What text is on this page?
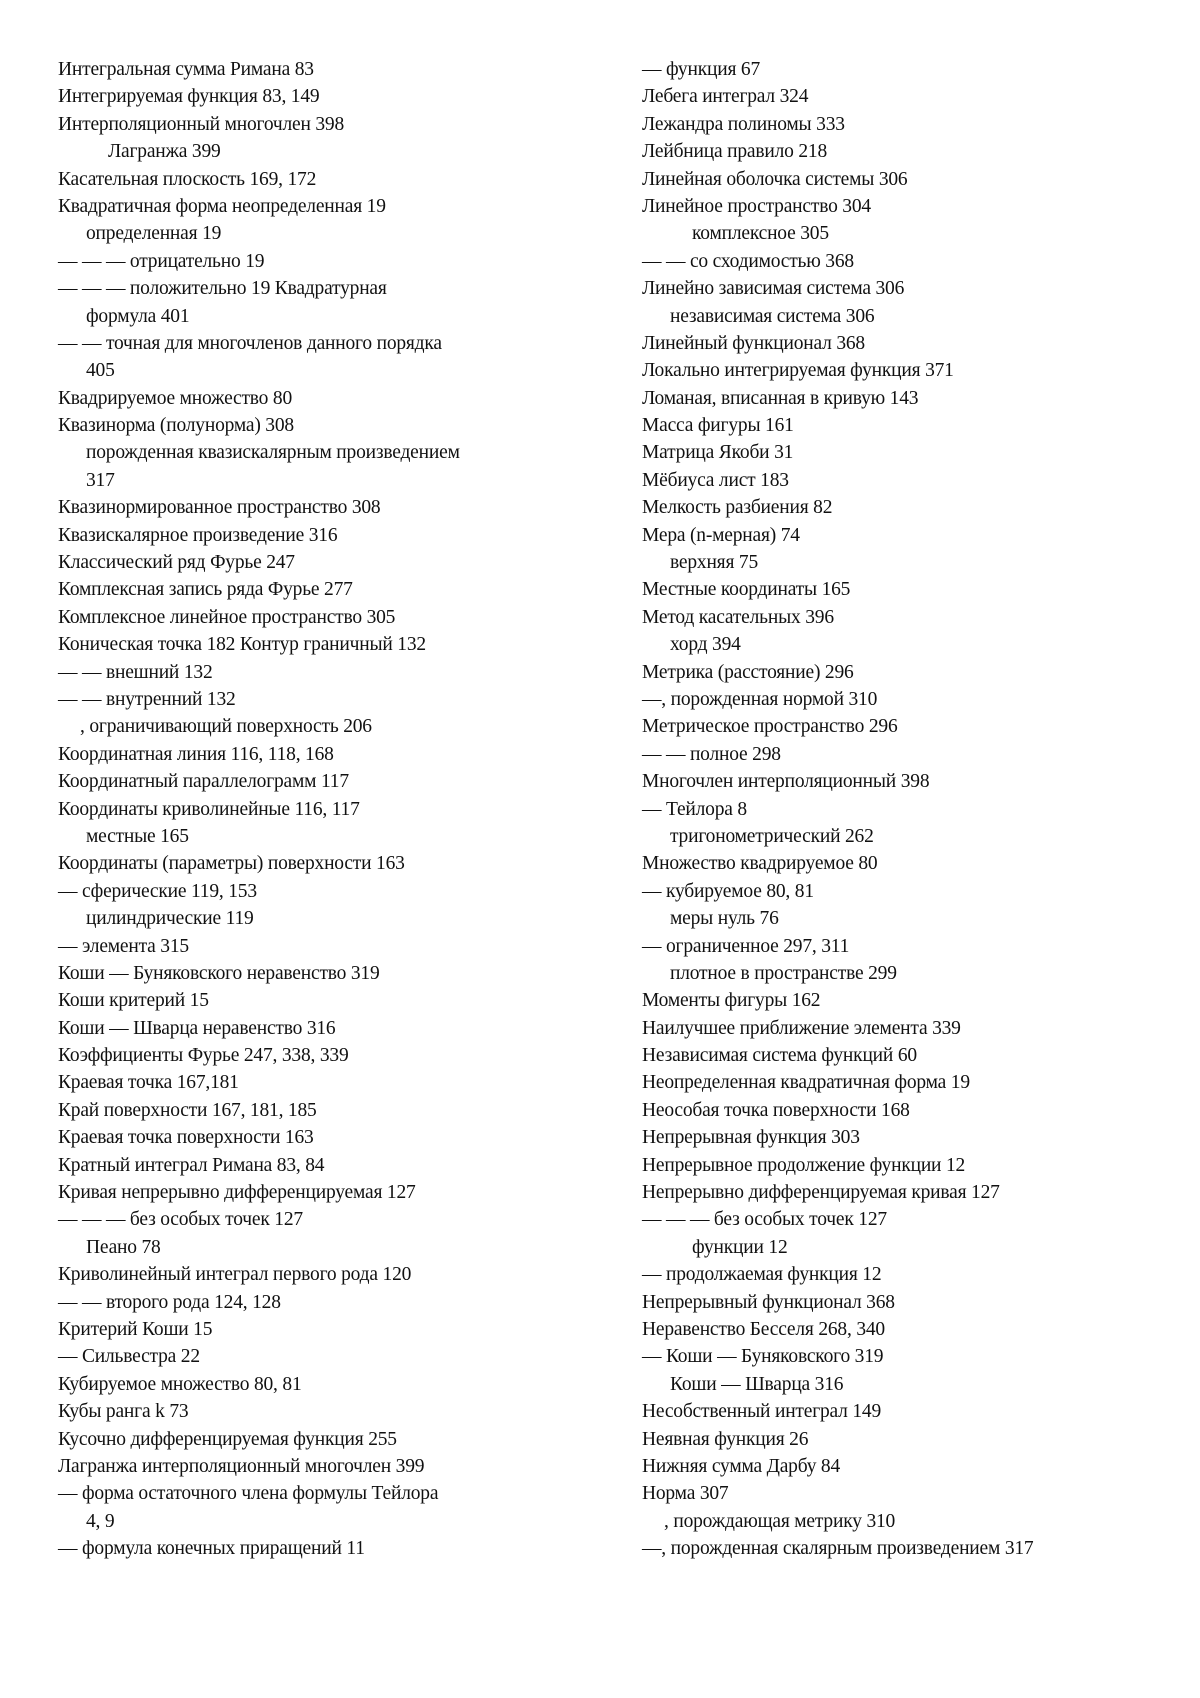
Интегральная сумма Римана 83
Интегрируемая функция 83, 149
Интерполяционный многочлен 398
Лагранжа 399
Касательная плоскость 169, 172
Квадратичная форма неопределенная 19
определенная 19
— — — отрицательно 19
— — — положительно 19 Квадратурная
формула 401
— — точная для многочленов данного порядка
405
Квадрируемое множество 80
Квазинорма (полунорма) 308
порожденная квазискалярным произведением
317
Квазинормированное пространство 308
Квазискалярное произведение 316
Классический ряд Фурье 247
Комплексная запись ряда Фурье 277
Комплексное линейное пространство 305
Коническая точка 182 Контур граничный 132
— — внешний 132
— — внутренний 132
, ограничивающий поверхность 206
Координатная линия 116, 118, 168
Координатный параллелограмм 117
Координаты криволинейные 116, 117
местные 165
Координаты (параметры) поверхности 163
— сферические 119, 153
цилиндрические 119
— элемента 315
Коши — Буняковского неравенство 319
Коши критерий 15
Коши — Шварца неравенство 316
Коэффициенты Фурье 247, 338, 339
Краевая точка 167,181
Край поверхности 167, 181, 185
Краевая точка поверхности 163
Кратный интеграл Римана 83, 84
Кривая непрерывно дифференцируемая 127
— — — без особых точек 127
Пеано 78
Криволинейный интеграл первого рода 120
— — второго рода 124, 128
Критерий Коши 15
— Сильвестра 22
Кубируемое множество 80, 81
Кубы ранга k 73
Кусочно дифференцируемая функция 255
Лагранжа интерполяционный многочлен 399
— форма остаточного члена формулы Тейлора
4, 9
— формула конечных приращений 11
— функция 67
Лебега интеграл 324
Лежандра полиномы 333
Лейбница правило 218
Линейная оболочка системы 306
Линейное пространство 304
комплексное 305
— — со сходимостью 368
Линейно зависимая система 306
независимая система 306
Линейный функционал 368
Локально интегрируемая функция 371
Ломаная, вписанная в кривую 143
Масса фигуры 161
Матрица Якоби 31
Мёбиуса лист 183
Мелкость разбиения 82
Мера (n-мерная) 74
верхняя 75
Местные координаты 165
Метод касательных 396
хорд 394
Метрика (расстояние) 296
—, порожденная нормой 310
Метрическое пространство 296
— — полное 298
Многочлен интерполяционный 398
— Тейлора 8
тригонометрический 262
Множество квадрируемое 80
— кубируемое 80, 81
меры нуль 76
— ограниченное 297, 311
плотное в пространстве 299
Моменты фигуры 162
Наилучшее приближение элемента 339
Независимая система функций 60
Неопределенная квадратичная форма 19
Неособая точка поверхности 168
Непрерывная функция 303
Непрерывное продолжение функции 12
Непрерывно дифференцируемая кривая 127
— — — без особых точек 127
функции 12
— продолжаемая функция 12
Непрерывный функционал 368
Неравенство Бесселя 268, 340
— Коши — Буняковского 319
Коши — Шварца 316
Несобственный интеграл 149
Неявная функция 26
Нижняя сумма Дарбу 84
Норма 307
, порождающая метрику 310
—, порожденная скалярным произведением 317
